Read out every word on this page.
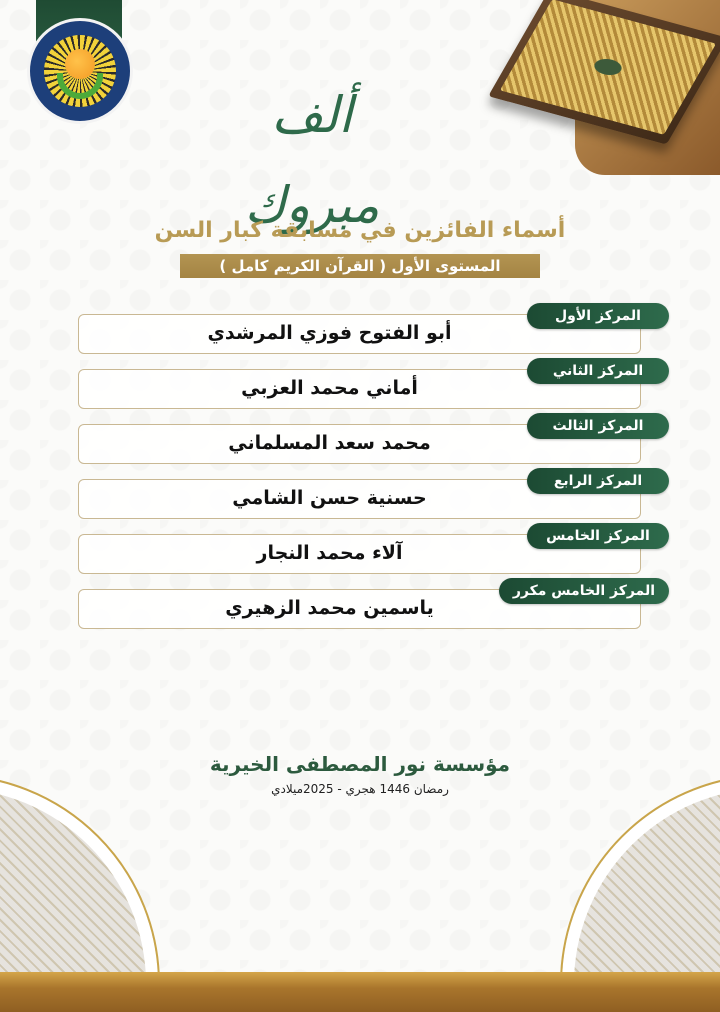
ألف مبروك
أسماء الفائزين في مسابقة كبار السن
المستوى الأول ( القرآن الكريم كامل )
أبو الفتوح فوزي المرشدي
المركز الأول
أماني محمد العزبي
المركز الثاني
محمد سعد المسلماني
المركز الثالث
حسنية حسن الشامي
المركز الرابع
آلاء محمد النجار
المركز الخامس
ياسمين محمد الزهيري
المركز الخامس مكرر
مؤسسة نور المصطفى الخيرية
رمضان 1446 هجري - 2025ميلادي
